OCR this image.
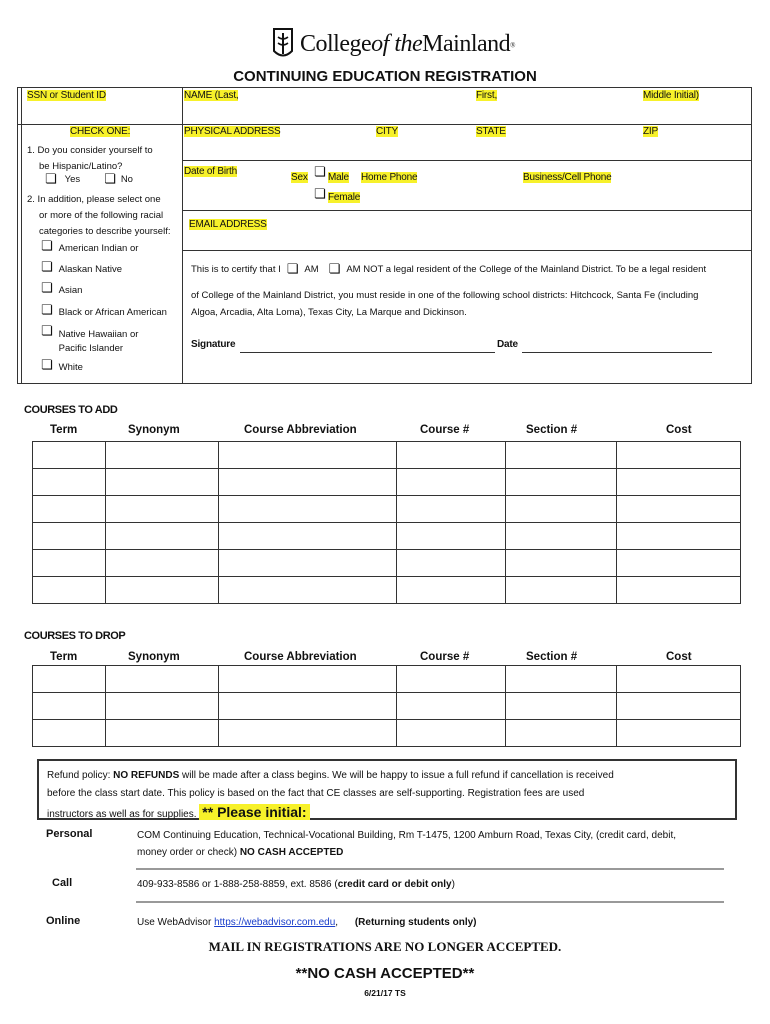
Collegeof theMainland®
CONTINUING EDUCATION REGISTRATION
SSN or Student ID	NAME (Last,	First,	Middle Initial)
CHECK ONE:	PHYSICAL ADDRESS	CITY	STATE	ZIP
Date of Birth
Sex ❏ Male
❏ Female
Home Phone	Business/Cell Phone
EMAIL ADDRESS
1. Do you consider yourself to
be Hispanic/Latino?
❏ Yes ❏ No
2. In addition, please select one
or more of the following racial
categories to describe yourself:
❏ American Indian or
❏ Alaskan Native
❏ Asian
❏ Black or African American
❏ Native Hawaiian or
Pacific Islander
❏ White
This is to certify that I ❏ AM ❏ AM NOT a legal resident of the College of the Mainland District. To be a legal resident
of College of the Mainland District, you must reside in one of the following school districts: Hitchcock, Santa Fe (including
Algoa, Arcadia, Alta Loma), Texas City, La Marque and Dickinson.
Signature	Date
COURSES TO ADD
Term	Synonym	Course Abbreviation	Course #	Section #	Cost

COURSES TO DROP
Term	Synonym	Course Abbreviation	Course #	Section #	Cost

Refund policy: NO REFUNDS will be made after a class begins. We will be happy to issue a full refund if cancellation is received
before the class start date. This policy is based on the fact that CE classes are self-supporting. Registration fees are used
instructors as well as for supplies. ** Please initial:
Personal	COM Continuing Education, Technical-Vocational Building, Rm T-1475, 1200 Amburn Road, Texas City, (credit card, debit,
money order or check) NO CASH ACCEPTED
Call	409-933-8586 or 1-888-258-8859, ext. 8586 (credit card or debit only)
Online	Use WebAdvisor https://webadvisor.com.edu, (Returning students only)
MAIL IN REGISTRATIONS ARE NO LONGER ACCEPTED.
**NO CASH ACCEPTED**
6/21/17 TS
